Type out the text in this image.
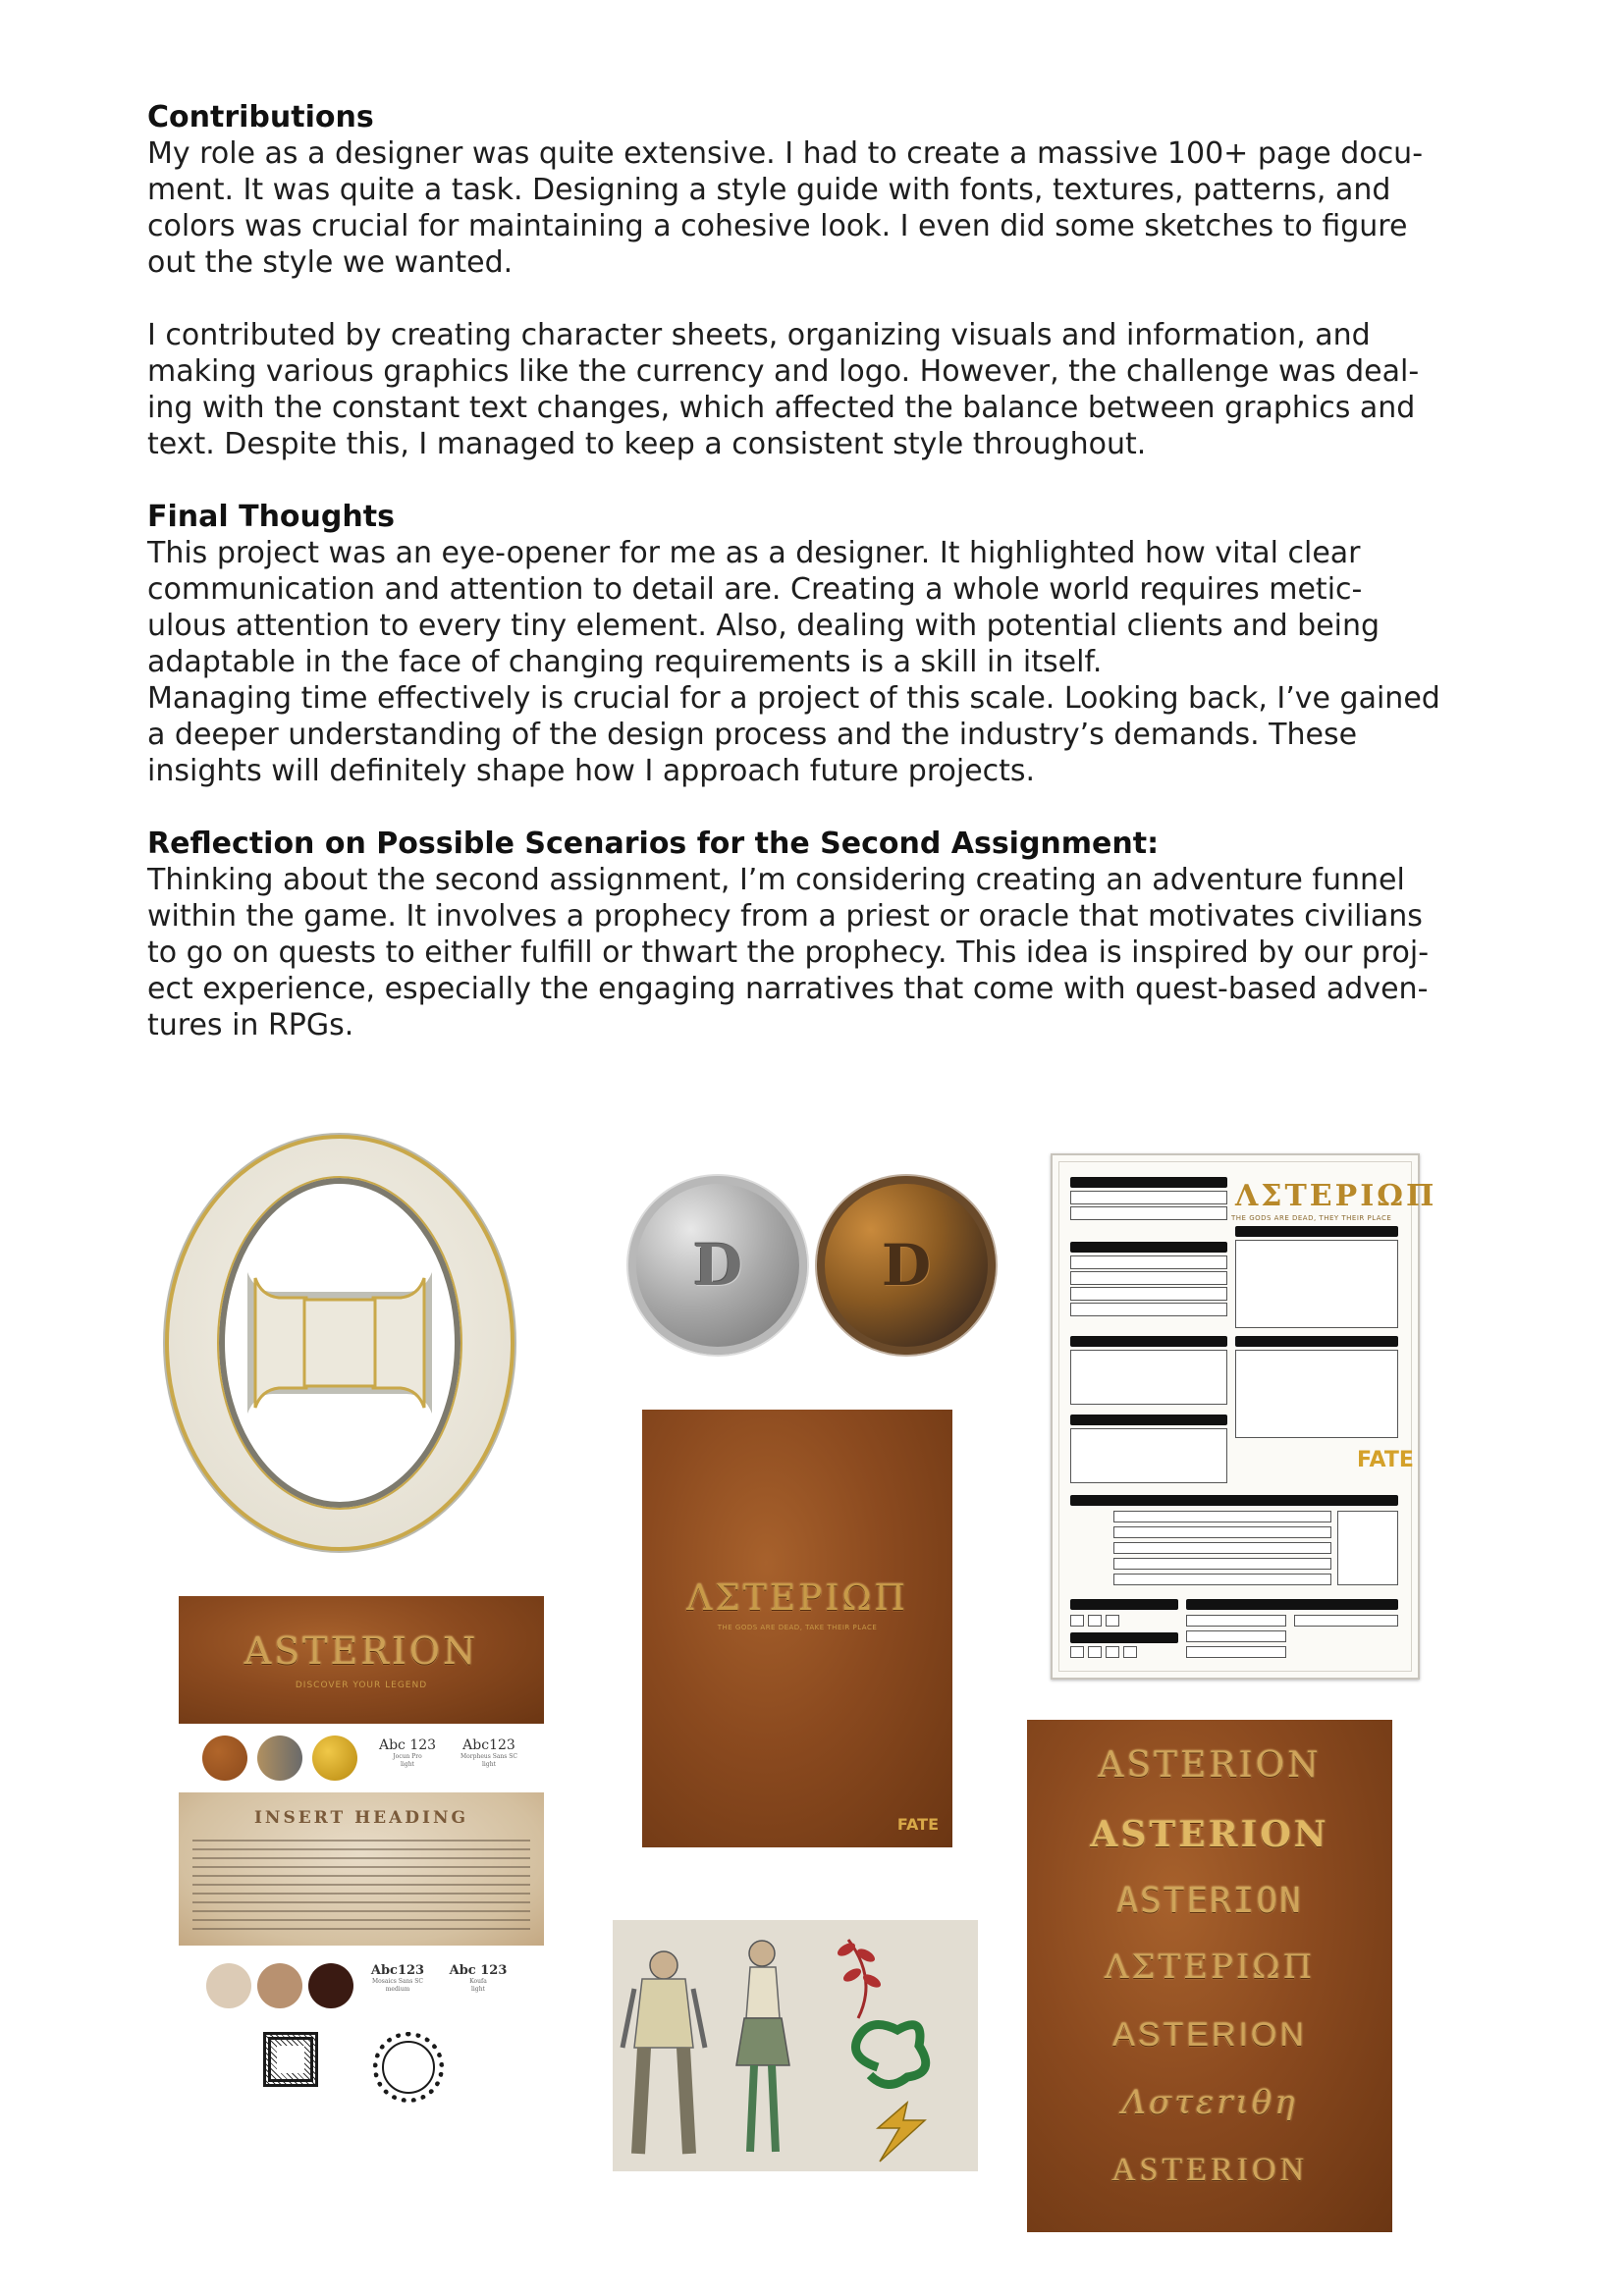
Contributions

My role as a designer was quite extensive. I had to create a massive 100+ page docu-
ment. It was quite a task. Designing a style guide with fonts, textures, patterns, and
colors was crucial for maintaining a cohesive look. I even did some sketches to figure
out the style we wanted.

I contributed by creating character sheets, organizing visuals and information, and
making various graphics like the currency and logo. However, the challenge was deal-
ing with the constant text changes, which affected the balance between graphics and
text. Despite this, I managed to keep a consistent style throughout.

Final Thoughts

This project was an eye-opener for me as a designer. It highlighted how vital clear
communication and attention to detail are. Creating a whole world requires metic-
ulous attention to every tiny element. Also, dealing with potential clients and being
adaptable in the face of changing requirements is a skill in itself.
Managing time effectively is crucial for a project of this scale. Looking back, I’ve gained
a deeper understanding of the design process and the industry’s demands. These
insights will definitely shape how I approach future projects.

Reflection on Possible Scenarios for the Second Assignment:

Thinking about the second assignment, I’m considering creating an adventure funnel
within the game. It involves a prophecy from a priest or oracle that motivates civilians
to go on quests to either fulfill or thwart the prophecy. This idea is inspired by our proj-
ect experience, especially the engaging narratives that come with quest-based adven-
tures in RPGs.

D D
ΛΣΤΕΡΙΩΠ
THE GODS ARE DEAD, THEY THEIR PLACE
FATE
ΛΣΤΕΡΙΩΠ
THE GODS ARE DEAD, TAKE THEIR PLACE
FATE
ASTERION
DISCOVER YOUR LEGEND
Abc 123
Jocun Pro
light
Abc123
Morpheus Sans SC
light
INSERT HEADING
Abc123
Mosaics Sans SC
medium
Abc 123
Koufa
light
ASTERION
ASTERION
ASTERION
ΛΣΤΕΡΙΩΠ
ASTERION
Λστεrιθη
ASTERION
